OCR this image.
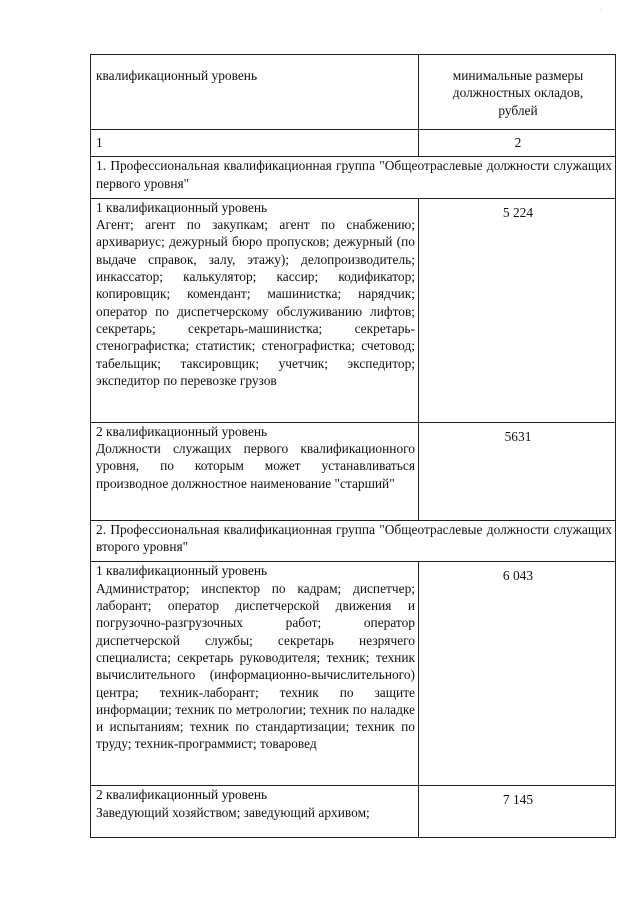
·
квалификационный уровень	минимальные размеры
должностных окладов,
рублей
1	2
1. Профессиональная квалификационная группа "Общеотраслевые должности служащих первого уровня"	

1 квалификационный уровень
Агент; агент по закупкам; агент по снабжению; архивариус; дежурный бюро пропусков; дежурный (по выдаче справок, залу, этажу); делопроизводитель; инкассатор; калькулятор; кассир; кодификатор; копировщик; комендант; машинистка; нарядчик; оператор по диспетчерскому обслуживанию лифтов; секретарь; секретарь-машинистка; секретарь-стенографистка; статистик; стенографистка; счетовод; табельщик; таксировщик; учетчик; экспедитор; экспедитор по перевозке грузов	5 224

2 квалификационный уровень
Должности служащих первого квалификационного уровня, по которым может устанавливаться производное должностное наименование "старший"	5631
2. Профессиональная квалификационная группа "Общеотраслевые должности служащих второго уровня"	

1 квалификационный уровень
Администратор; инспектор по кадрам; диспетчер; лаборант; оператор диспетчерской движения и погрузочно-разгрузочных работ; оператор диспетчерской службы; секретарь незрячего специалиста; секретарь руководителя; техник; техник вычислительного (информационно-вычислительного) центра; техник-лаборант; техник по защите информации; техник по метрологии; техник по наладке и испытаниям; техник по стандартизации; техник по труду; техник-программист; товаровед	6 043

2 квалификационный уровень
Заведующий хозяйством; заведующий архивом;	7 145
